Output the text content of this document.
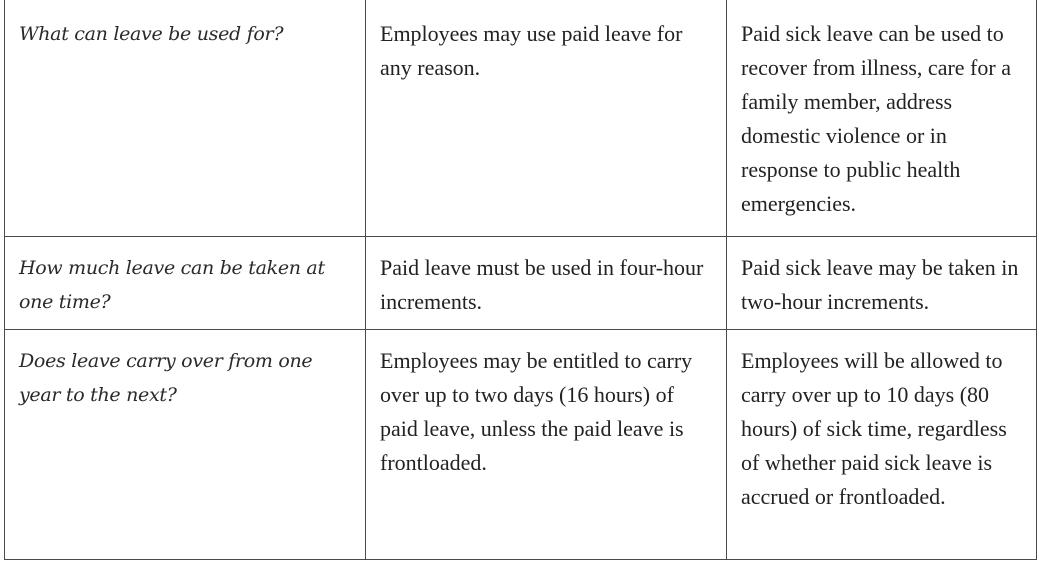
What can leave be used for?	Employees may use paid leave for any reason.	Paid sick leave can be used to recover from illness, care for a family member, address domestic violence or in response to public health emergencies.

How much leave can be taken at one time?	Paid leave must be used in four-hour increments.	Paid sick leave may be taken in two-hour increments.

Does leave carry over from one year to the next?	Employees may be entitled to carry over up to two days (16 hours) of paid leave, unless the paid leave is frontloaded.	Employees will be allowed to carry over up to 10 days (80 hours) of sick time, regardless of whether paid sick leave is accrued or frontloaded.
